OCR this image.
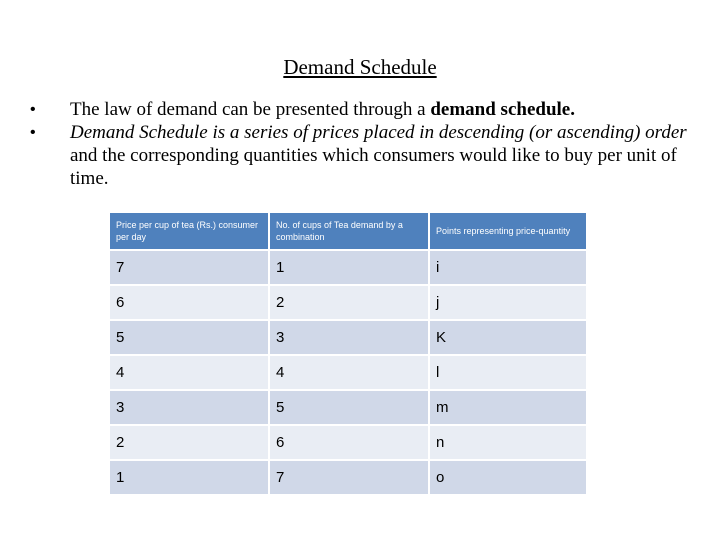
Demand Schedule

•	The law of demand can be presented through a demand schedule.

•	Demand Schedule is a series of prices placed in descending (or ascending) order and the corresponding quantities which consumers would like to buy per unit of time.

Price per cup of tea (Rs.) consumer per day	No. of cups of Tea demand by a combination	Points representing price-quantity
7	1	i
6	2	j
5	3	K
4	4	l
3	5	m
2	6	n
1	7	o
